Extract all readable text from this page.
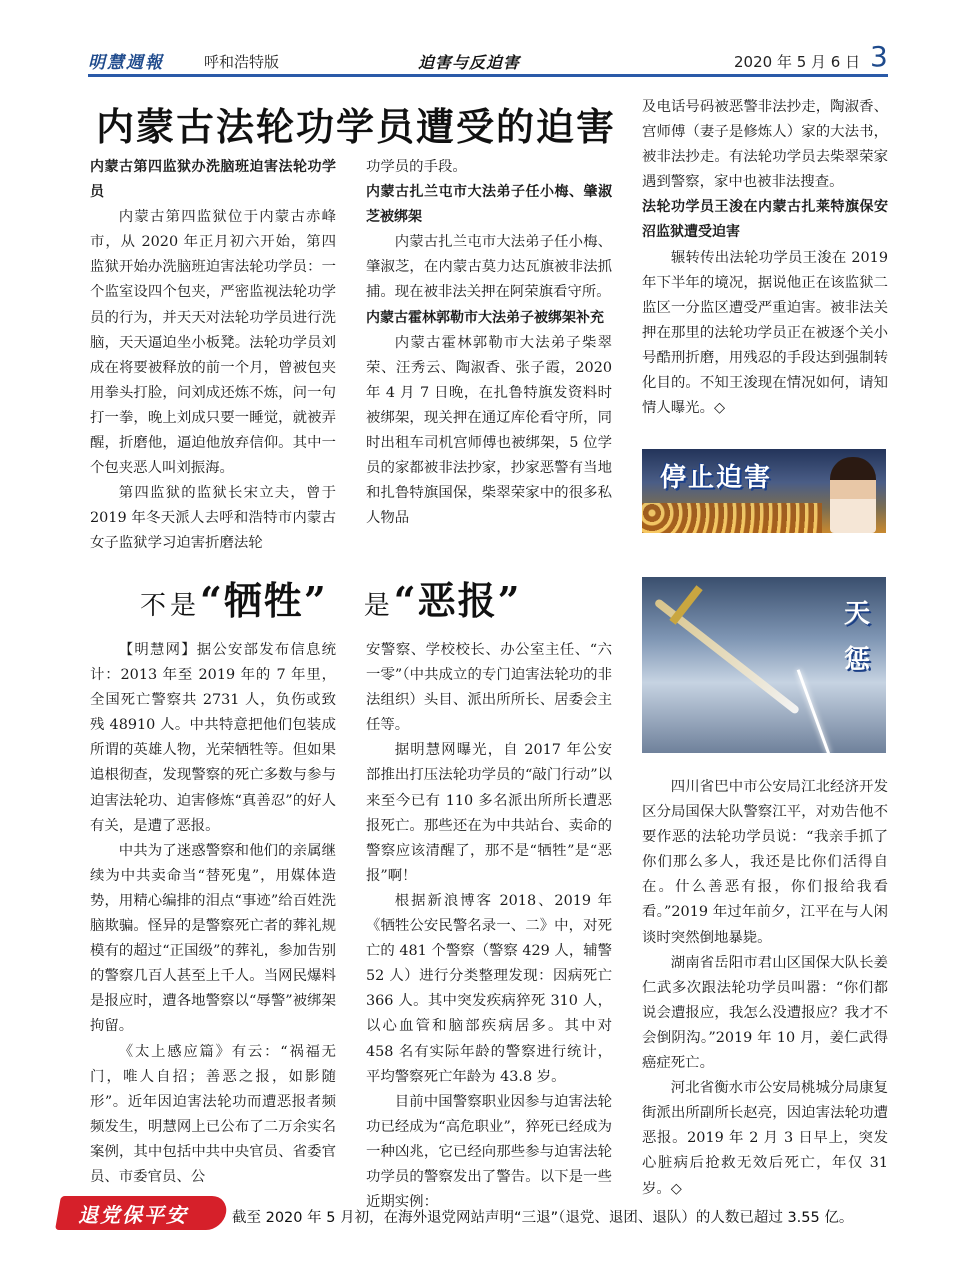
明慧週報	呼和浩特版	迫害与反迫害	2020 年 5 月 6 日 3
内蒙古法轮功学员遭受的迫害

内蒙古第四监狱办洗脑班迫害法轮功学员

内蒙古第四监狱位于内蒙古赤峰市，从 2020 年正月初六开始，第四监狱开始办洗脑班迫害法轮功学员：一个监室设四个包夹，严密监视法轮功学员的行为，并天天对法轮功学员进行洗脑，天天逼迫坐小板凳。法轮功学员刘成在将要被释放的前一个月，曾被包夹用拳头打脸，问刘成还炼不炼，问一句打一拳，晚上刘成只要一睡觉，就被弄醒，折磨他，逼迫他放弃信仰。其中一个包夹恶人叫刘振海。

第四监狱的监狱长宋立夫，曾于 2019 年冬天派人去呼和浩特市内蒙古女子监狱学习迫害折磨法轮

功学员的手段。

内蒙古扎兰屯市大法弟子任小梅、肇淑芝被绑架

内蒙古扎兰屯市大法弟子任小梅、肇淑芝，在内蒙古莫力达瓦旗被非法抓捕。现在被非法关押在阿荣旗看守所。

内蒙古霍林郭勒市大法弟子被绑架补充

内蒙古霍林郭勒市大法弟子柴翠荣、汪秀云、陶淑香、张子霞，2020 年 4 月 7 日晚，在扎鲁特旗发资料时被绑架，现关押在通辽库伦看守所，同时出租车司机宫师傅也被绑架，5 位学员的家都被非法抄家，抄家恶警有当地和扎鲁特旗国保，柴翠荣家中的很多私人物品

及电话号码被恶警非法抄走，陶淑香、宫师傅（妻子是修炼人）家的大法书，被非法抄走。有法轮功学员去柴翠荣家遇到警察，家中也被非法搜查。

法轮功学员王浚在内蒙古扎莱特旗保安沼监狱遭受迫害

辗转传出法轮功学员王浚在 2019 年下半年的境况，据说他正在该监狱二监区一分监区遭受严重迫害。被非法关押在那里的法轮功学员正在被逐个关小号酷刑折磨，用残忍的手段达到强制转化目的。不知王浚现在情况如何，请知情人曝光。◇

停止迫害
不是“牺牲” 是“恶报”	天惩

【明慧网】据公安部发布信息统计：2013 年至 2019 年的 7 年里，全国死亡警察共 2731 人，负伤或致残 48910 人。中共特意把他们包装成所谓的英雄人物，光荣牺牲等。但如果追根彻查，发现警察的死亡多数与参与迫害法轮功、迫害修炼“真善忍”的好人有关，是遭了恶报。

中共为了迷惑警察和他们的亲属继续为中共卖命当“替死鬼”，用媒体造势，用精心编排的泪点“事迹”给百姓洗脑欺骗。怪异的是警察死亡者的葬礼规模有的超过“正国级”的葬礼，参加告别的警察几百人甚至上千人。当网民爆料是报应时，遭各地警察以“辱警”被绑架拘留。

《太上感应篇》有云：“祸福无门，唯人自招；善恶之报，如影随形”。近年因迫害法轮功而遭恶报者频频发生，明慧网上已公布了二万余实名案例，其中包括中共中央官员、省委官员、市委官员、公

安警察、学校校长、办公室主任、“六一零”（中共成立的专门迫害法轮功的非法组织）头目、派出所所长、居委会主任等。

据明慧网曝光，自 2017 年公安部推出打压法轮功学员的“敲门行动”以来至今已有 110 多名派出所所长遭恶报死亡。那些还在为中共站台、卖命的警察应该清醒了，那不是“牺牲”是“恶报”啊！

根据新浪博客 2018、2019 年《牺牲公安民警名录一、二》中，对死亡的 481 个警察（警察 429 人，辅警 52 人）进行分类整理发现：因病死亡 366 人。其中突发疾病猝死 310 人，以心血管和脑部疾病居多。其中对 458 名有实际年龄的警察进行统计，平均警察死亡年龄为 43.8 岁。

目前中国警察职业因参与迫害法轮功已经成为“高危职业”，猝死已经成为一种凶兆，它已经向那些参与迫害法轮功学员的警察发出了警告。以下是一些近期实例：

四川省巴中市公安局江北经济开发区分局国保大队警察江平，对劝告他不要作恶的法轮功学员说：“我亲手抓了你们那么多人，我还是比你们活得自在。什么善恶有报，你们报给我看看。”2019 年过年前夕，江平在与人闲谈时突然倒地暴毙。

湖南省岳阳市君山区国保大队长姜仁武多次跟法轮功学员叫嚣：“你们都说会遭报应，我怎么没遭报应？我才不会倒阴沟。”2019 年 10 月，姜仁武得癌症死亡。

河北省衡水市公安局桃城分局康复街派出所副所长赵亮，因迫害法轮功遭恶报。2019 年 2 月 3 日早上，突发心脏病后抢救无效后死亡，年仅 31 岁。◇

退党保平安	截至 2020 年 5 月初，在海外退党网站声明“三退”（退党、退团、退队）的人数已超过 3.55 亿。
